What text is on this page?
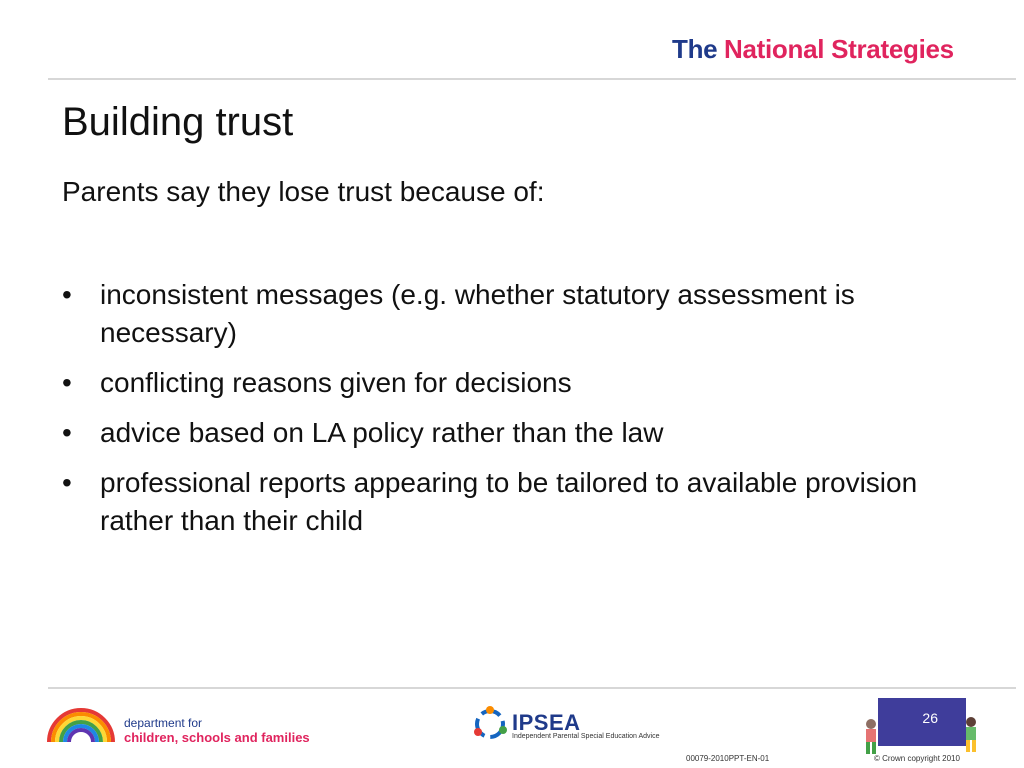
The National Strategies
Building trust
Parents say they lose trust because of:
• inconsistent messages (e.g. whether statutory assessment is necessary)
• conflicting reasons given for decisions
• advice based on LA policy rather than the law
• professional reports appearing to be tailored to available provision rather than their child
department for
children, schools and families
IPSEA
Independent Parental Special Education Advice
26
00079-2010PPT-EN-01	© Crown copyright 2010
